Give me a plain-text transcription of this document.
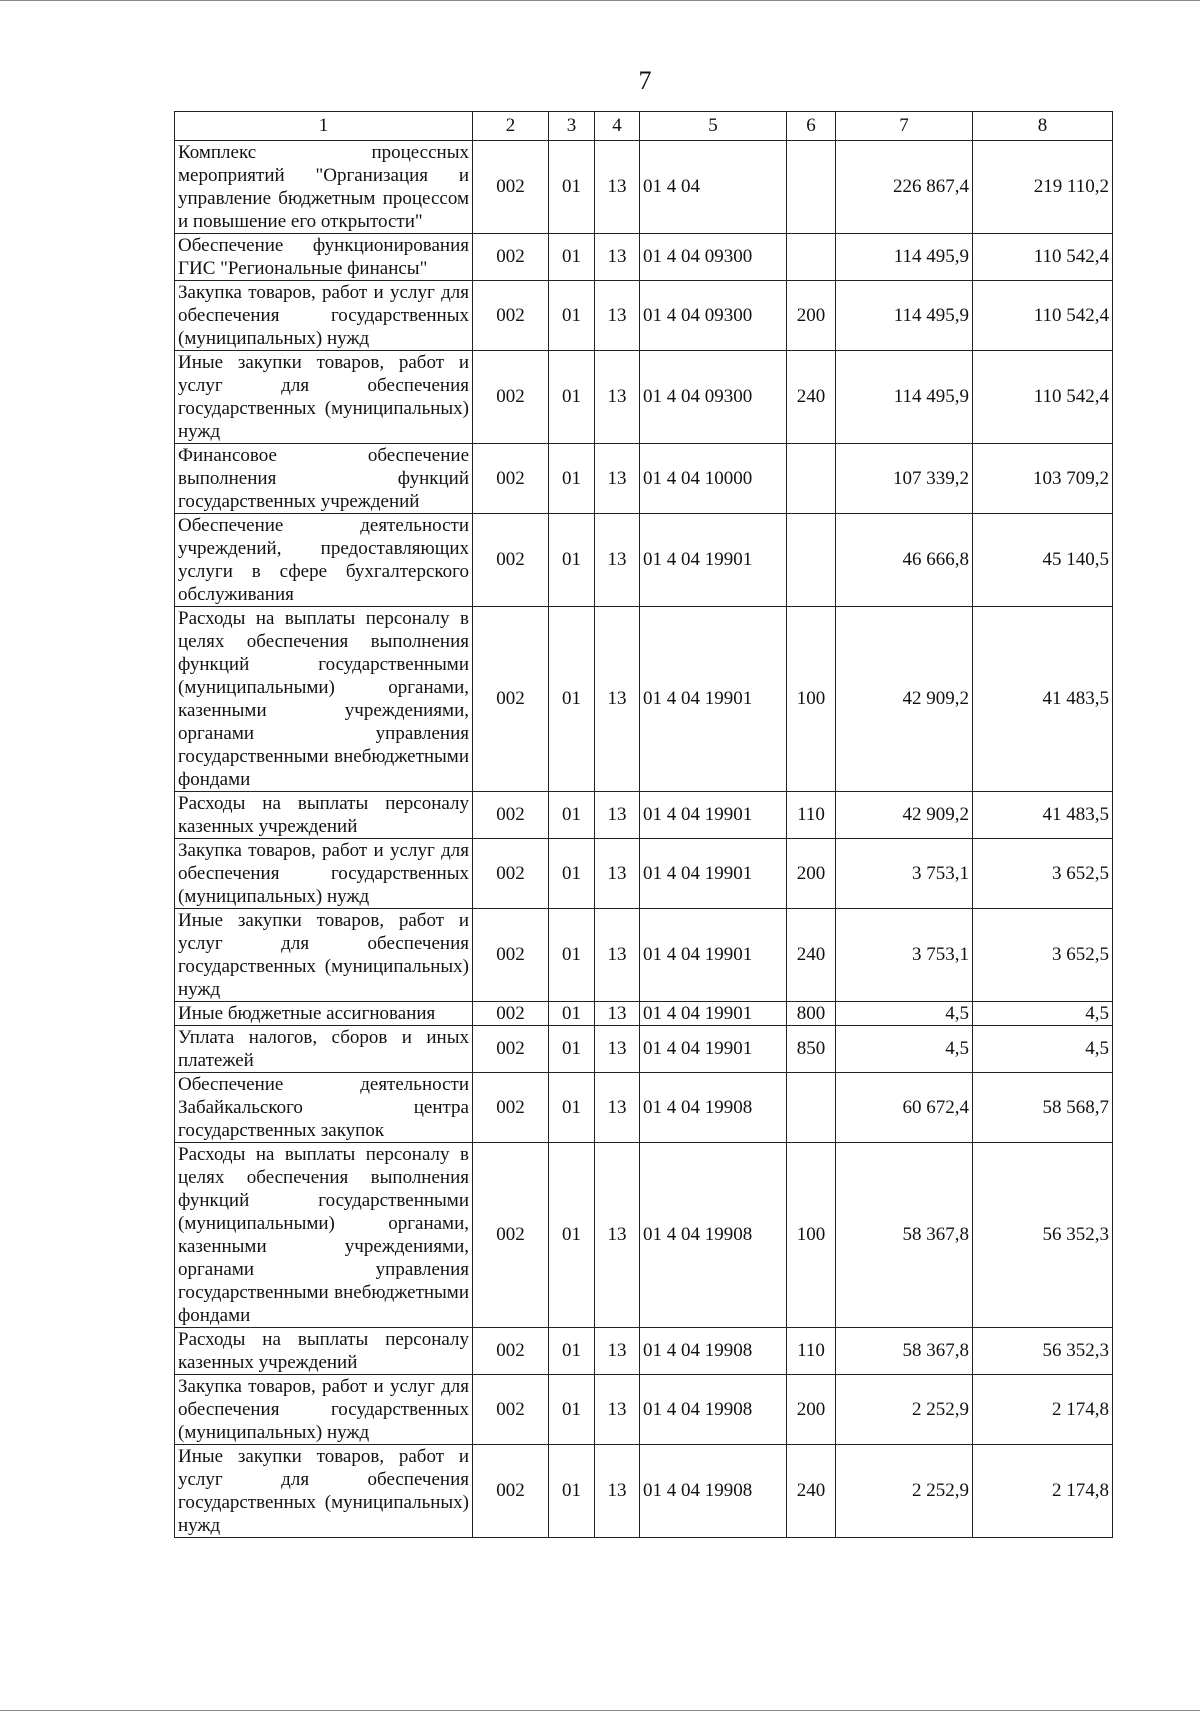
7
1	2	3	4	5	6	7	8
Комплекс процессных мероприятий "Организация и управление бюджетным процессом и повышение его открытости"	002	01	13	01 4 04		226 867,4	219 110,2
Обеспечение функционирования ГИС "Региональные финансы"	002	01	13	01 4 04 09300		114 495,9	110 542,4
Закупка товаров, работ и услуг для обеспечения государственных (муниципальных) нужд	002	01	13	01 4 04 09300	200	114 495,9	110 542,4
Иные закупки товаров, работ и услуг для обеспечения государственных (муниципальных) нужд	002	01	13	01 4 04 09300	240	114 495,9	110 542,4
Финансовое обеспечение выполнения функций государственных учреждений	002	01	13	01 4 04 10000		107 339,2	103 709,2
Обеспечение деятельности учреждений, предоставляющих услуги в сфере бухгалтерского обслуживания	002	01	13	01 4 04 19901		46 666,8	45 140,5
Расходы на выплаты персоналу в целях обеспечения выполнения функций государственными (муниципальными) органами, казенными учреждениями, органами управления государственными внебюджетными фондами	002	01	13	01 4 04 19901	100	42 909,2	41 483,5
Расходы на выплаты персоналу казенных учреждений	002	01	13	01 4 04 19901	110	42 909,2	41 483,5
Закупка товаров, работ и услуг для обеспечения государственных (муниципальных) нужд	002	01	13	01 4 04 19901	200	3 753,1	3 652,5
Иные закупки товаров, работ и услуг для обеспечения государственных (муниципальных) нужд	002	01	13	01 4 04 19901	240	3 753,1	3 652,5
Иные бюджетные ассигнования	002	01	13	01 4 04 19901	800	4,5	4,5
Уплата налогов, сборов и иных платежей	002	01	13	01 4 04 19901	850	4,5	4,5
Обеспечение деятельности Забайкальского центра государственных закупок	002	01	13	01 4 04 19908		60 672,4	58 568,7
Расходы на выплаты персоналу в целях обеспечения выполнения функций государственными (муниципальными) органами, казенными учреждениями, органами управления государственными внебюджетными фондами	002	01	13	01 4 04 19908	100	58 367,8	56 352,3
Расходы на выплаты персоналу казенных учреждений	002	01	13	01 4 04 19908	110	58 367,8	56 352,3
Закупка товаров, работ и услуг для обеспечения государственных (муниципальных) нужд	002	01	13	01 4 04 19908	200	2 252,9	2 174,8
Иные закупки товаров, работ и услуг для обеспечения государственных (муниципальных) нужд	002	01	13	01 4 04 19908	240	2 252,9	2 174,8
